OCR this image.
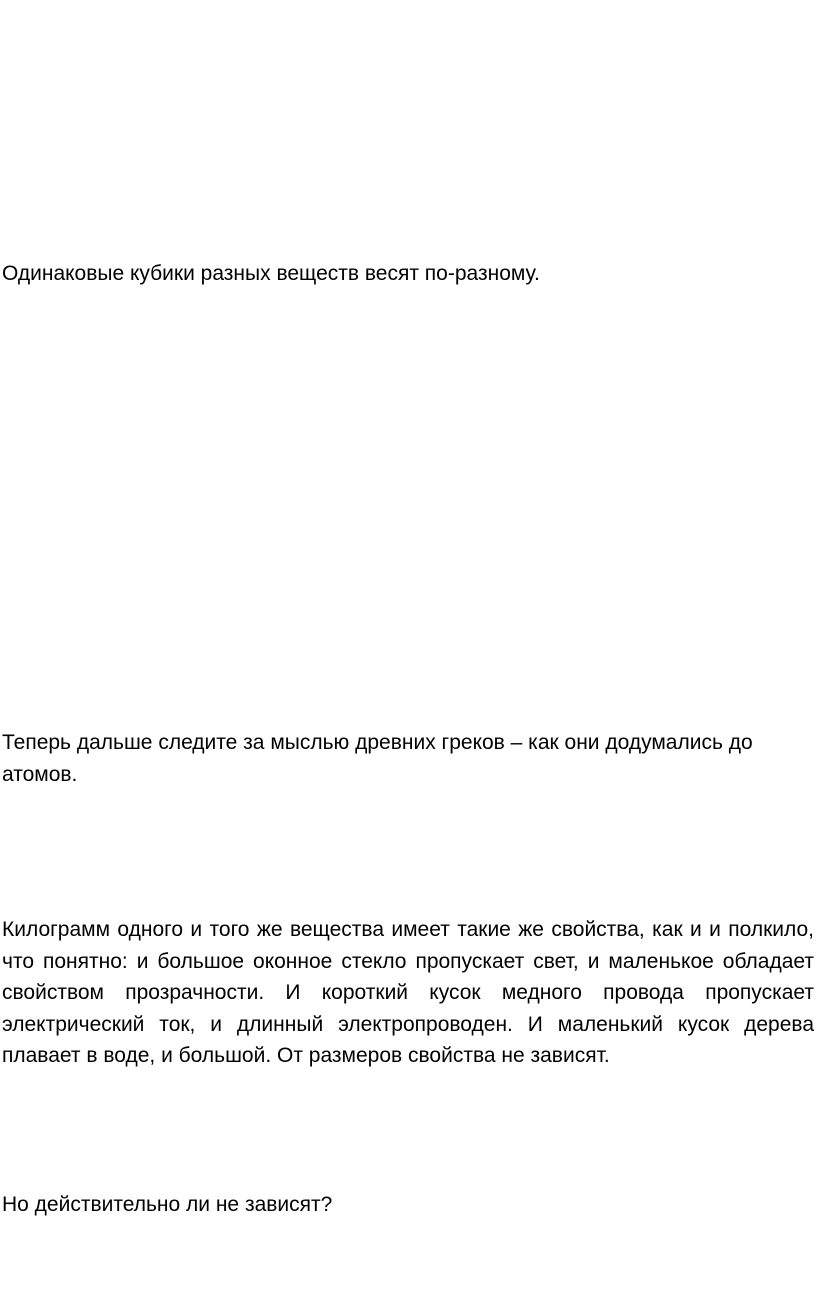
Одинаковые кубики разных веществ весят по-разному.

Теперь дальше следите за мыслью древних греков – как они додумались до атомов.

Килограмм одного и того же вещества имеет такие же свойства, как и и полкило, что понятно: и большое оконное стекло пропускает свет, и маленькое обладает свойством прозрачности. И короткий кусок медного провода пропускает электрический ток, и длинный электропроводен. И маленький кусок дерева плавает в воде, и большой. От размеров свойства не зависят.

Но действительно ли не зависят?
